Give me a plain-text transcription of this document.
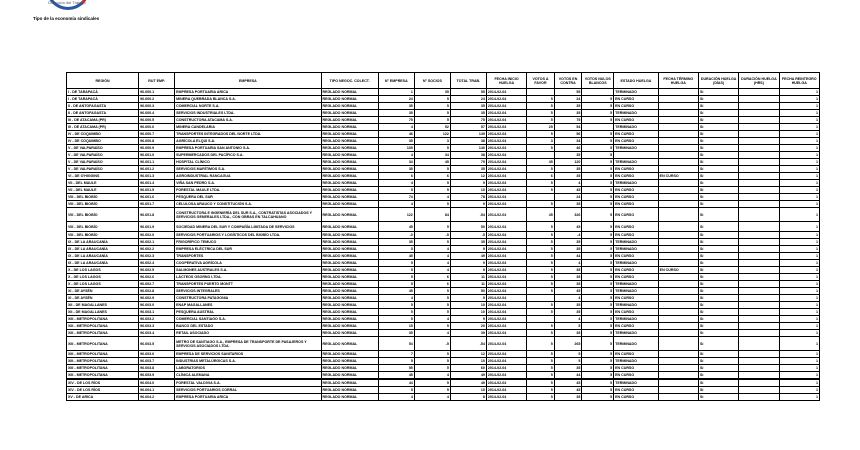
Dirección del Trabajo
Tipo de la economía sindicales
REGIÓN	RUT EMP.	EMPRESA	TIPO NEGOC. COLECT.	N° EMPRESA	N° SOCIOS	TOTAL TRAB.	FECHA INICIO HUELGA	VOTOS A FAVOR	VOTOS EN CONTRA	VOTOS NULOS BLANCOS	ESTADO HUELGA	FECHA TÉRMINO HUELGA	DURACIÓN HUELGA (DÍAS)	DURACIÓN HUELGA (HRS)	FECHA REINTEGRO HUELGA
I - DE TARAPACÁ	96.600.1	EMPRESA PORTUARIA ARICA	REGLADO NORMAL	1	35	55	2014-02-04		55		TERMINADO		Sí		1
I - DE TARAPACÁ	96.600.2	MINERA QUEBRADA BLANCA S.A.	REGLADO NORMAL	24	5	24	2014-02-04	5	24	5	EN CURSO		Sí		1
II - DE ANTOFAGASTA	96.600.3	COMERCIAL NORTE S.A.	REGLADO NORMAL	35	5	35	2014-02-04	5	35	5	EN CURSO		Sí		1
II - DE ANTOFAGASTA	96.600.4	SERVICIOS INDUSTRIALES LTDA.	REGLADO NORMAL	35	5	35	2014-02-04	5	35	5	TERMINADO		Sí		1
III - DE ATACAMA (PR)	96.600.5	CONSTRUCTORA ATACAMA S.A.	REGLADO NORMAL	75	5	75	2014-02-04	5	75	5	EN CURSO		Sí		1
III - DE ATACAMA (PR)	96.600.6	MINERA CANDELARIA	REGLADO NORMAL	4	52	57	2014-02-04	25	54		TERMINADO		Sí		1
IV - DE COQUIMBO	96.600.7	TRANSPORTES INTEGRADOS DEL NORTE LTDA.	REGLADO NORMAL	46	122	149	2014-02-04	5	56	5	EN CURSO		Sí		1
IV - DE COQUIMBO	96.600.8	AGRÍCOLA ELQUI S.A.	REGLADO NORMAL	35	3	38	2014-02-04	3	34	5	EN CURSO		Sí		1
V - DE VALPARAÍSO	96.600.9	EMPRESA PORTUARIA SAN ANTONIO S.A.	REGLADO NORMAL	135	5	140	2014-02-04	5	46	5	TERMINADO		Sí		1
V - DE VALPARAÍSO	96.601.0	SUPERMERCADOS DEL PACÍFICO S.A.	REGLADO NORMAL	4	34	38	2014-02-04		35	5			Sí		1
V - DE VALPARAÍSO	96.601.1	HOSPITAL CLÍNICO	REGLADO NORMAL	34	45	79	2014-02-04	45	120	5	TERMINADO		Sí		1
V - DE VALPARAÍSO	96.601.2	SERVICIOS MARÍTIMOS S.A.	REGLADO NORMAL	35	5	35	2014-02-04	5	35	5	EN CURSO		Sí		1
VI - DE O'HIGGINS	96.601.3	AGROINDUSTRIAL RANCAGUA	REGLADO NORMAL	6	6	12	2014-02-04	6	35	5	EN CURSO	EN CURSO	Sí		1
VII - DEL MAULE	96.601.4	VIÑA SAN PEDRO S.A.	REGLADO NORMAL	4	5	9	2014-02-04	5	4	5	TERMINADO		Sí		1
VII - DEL MAULE	96.601.5	FORESTAL MAULE LTDA.	REGLADO NORMAL	5	5	10	2014-02-04	5	45	5	EN CURSO		Sí		1
VIII - DEL BIOBÍO	96.601.6	PESQUERA DEL SUR	REGLADO NORMAL	74	4	78	2014-02-04		24	5	EN CURSO		Sí		1
VIII - DEL BIOBÍO	96.601.7	CELULOSA ARAUCO Y CONSTITUCIÓN S.A.	REGLADO NORMAL	4	5	9	2014-02-04	5	35	5	EN CURSO		Sí		1
VIII - DEL BIOBÍO	96.601.8	CONSTRUCTORA E INGENIERÍA DEL SUR S.A., CONTRATISTAS ASOCIADOS Y SERVICIOS GENERALES LTDA., CON OBRAS EN TALCAHUANO	REGLADO NORMAL	122	84	-54	2014-02-04	45	326	5	EN CURSO		Sí		1
VIII - DEL BIOBÍO	96.601.9	SOCIEDAD MINERA DEL SUR Y COMPAÑÍA LIMITADA DE SERVICIOS	REGLADO NORMAL	45	5	50	2014-02-04	5	45	5	EN CURSO		Sí		1
VIII - DEL BIOBÍO	96.602.0	SERVICIOS PORTUARIOS Y LOGÍSTICOS DEL BIOBÍO LTDA.	REGLADO NORMAL	-0	-5	-5	2014-02-04	5	-4	5	EN CURSO		Sí		1
IX - DE LA ARAUCANÍA	96.602.1	FRIGORÍFICO TEMUCO	REGLADO NORMAL	35	5	35	2014-02-04	5	35	5	TERMINADO		Sí		1
IX - DE LA ARAUCANÍA	96.602.2	EMPRESA ELÉCTRICA DEL SUR	REGLADO NORMAL	5	4	9	2014-02-04	5	35	5	TERMINADO		Sí		1
IX - DE LA ARAUCANÍA	96.602.3	TRANSPORTES	REGLADO NORMAL	45	4	49	2014-02-04	5	44	5	EN CURSO		Sí		1
IX - DE LA ARAUCANÍA	96.602.4	COOPERATIVA AGRÍCOLA	REGLADO NORMAL	5	4	9	2014-02-04	5	4	5	TERMINADO		Sí		1
X - DE LOS LAGOS	96.602.5	SALMONES AUSTRALES S.A.	REGLADO NORMAL	5	4	9	2014-02-04	5	35	5	EN CURSO	EN CURSO	Sí		1
X - DE LOS LAGOS	96.602.6	LÁCTEOS OSORNO LTDA.	REGLADO NORMAL	5	6	11	2014-02-04	5	35	5	EN CURSO		Sí		1
X - DE LOS LAGOS	96.602.7	TRANSPORTES PUERTO MONTT	REGLADO NORMAL	5	6	11	2014-02-04	5	35	5	TERMINADO		Sí		1
XI - DE AYSÉN	96.602.8	SERVICIOS INTEGRALES	REGLADO NORMAL	45	5	50	2014-02-04	5	45	5	TERMINADO		Sí		1
XI - DE AYSÉN	96.602.9	CONSTRUCTORA PATAGONIA	REGLADO NORMAL	4	5	9	2014-02-04		4	5	EN CURSO		Sí		1
XII - DE MAGALLANES	96.603.0	ENAP MAGALLANES	REGLADO NORMAL	5	5	10	2014-02-04	5	35	5	TERMINADO		Sí		1
XII - DE MAGALLANES	96.603.1	PESQUERA AUSTRAL	REGLADO NORMAL	5	5	10	2014-02-04	5	35	5	EN CURSO		Sí		1
XIII - METROPOLITANA	96.603.2	COMERCIAL SANTIAGO S.A.	REGLADO NORMAL	5	4	9	2014-02-04		4	5	TERMINADO		Sí		1
XIII - METROPOLITANA	96.603.3	BANCO DEL ESTADO	REGLADO NORMAL	15	5	20	2014-02-04	5	5	5	EN CURSO		Sí		1
XIII - METROPOLITANA	96.603.4	RETAIL ASOCIADO	REGLADO NORMAL	35	4	39	2014-02-04	5	35	5	TERMINADO		Sí		1
XIII - METROPOLITANA	96.603.5	METRO DE SANTIAGO S.A., EMPRESA DE TRANSPORTE DE PASAJEROS Y SERVICIOS ASOCIADOS LTDA.	REGLADO NORMAL	54	-5	-54	2014-02-04	5	265	5	TERMINADO		Sí		1
XIII - METROPOLITANA	96.603.6	EMPRESA DE SERVICIOS SANITARIOS	REGLADO NORMAL	7	5	12	2014-02-04	5	5	5	EN CURSO		Sí		1
XIII - METROPOLITANA	96.603.7	INDUSTRIAS METALÚRGICAS S.A.	REGLADO NORMAL	5	5	10	2014-02-04	5	5	5	TERMINADO		Sí		1
XIII - METROPOLITANA	96.603.8	LABORATORIOS	REGLADO NORMAL	55	5	60	2014-02-04	5	35	5	EN CURSO		Sí		1
XIII - METROPOLITANA	96.603.9	CLÍNICA ALEMANA	REGLADO NORMAL	45	4	49	2014-02-04	5	44	5	EN CURSO		Sí		1
XIV - DE LOS RÍOS	96.604.0	FORESTAL VALDIVIA S.A.	REGLADO NORMAL	44	5	49	2014-02-04	5	45	5	TERMINADO		Sí		1
XIV - DE LOS RÍOS	96.604.1	SERVICIOS PORTUARIOS CORRAL	REGLADO NORMAL	5	5	10	2014-02-04	5	45	5	EN CURSO		Sí		1
XV - DE ARICA	96.604.2	EMPRESA PORTUARIA ARICA	REGLADO NORMAL	4	4	8	2014-02-04	5	35	5	EN CURSO		Sí		1
